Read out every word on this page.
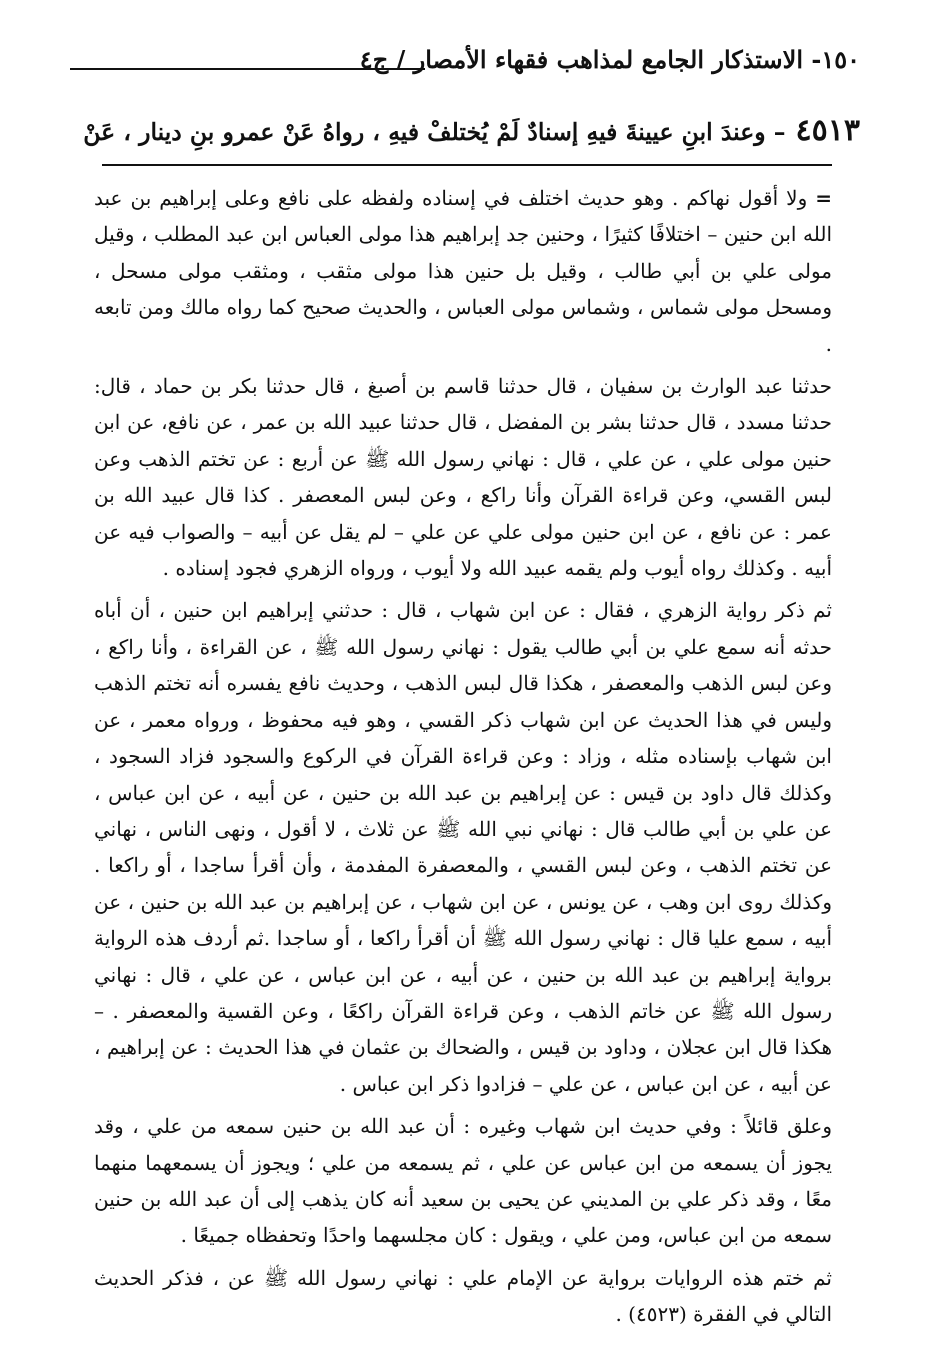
١٥٠- الاستذكار الجامع لمذاهب فقهاء الأمصار / ج٤
٤٥١٣– وعندَ ابنِ عيينةَ فيهِ إسنادٌ لَمْ يُختلفْ فيهِ ، رواهُ عَنْ عمرو بنِ دينار ، عَنْ

=ولا أقول نهاكم . وهو حديث اختلف في إسناده ولفظه على نافع وعلى إبراهيم بن عبد الله ابن حنين – اختلافًا كثيرًا ، وحنين جد إبراهيم هذا مولى العباس ابن عبد المطلب ، وقيل مولى علي بن أبي طالب ، وقيل بل حنين هذا مولى مثقب ، ومثقب مولى مسحل ، ومسحل مولى شماس ، وشماس مولى العباس ، والحديث صحيح كما رواه مالك ومن تابعه .

حدثنا عبد الوارث بن سفيان ، قال حدثنا قاسم بن أصبغ ، قال حدثنا بكر بن حماد ، قال: حدثنا مسدد ، قال حدثنا بشر بن المفضل ، قال حدثنا عبيد الله بن عمر ، عن نافع، عن ابن حنين مولى علي ، عن علي ، قال : نهاني رسول الله ﷺ عن أربع : عن تختم الذهب وعن لبس القسي، وعن قراءة القرآن وأنا راكع ، وعن لبس المعصفر . كذا قال عبيد الله بن عمر : عن نافع ، عن ابن حنين مولى علي عن علي – لم يقل عن أبيه – والصواب فيه عن أبيه . وكذلك رواه أيوب ولم يقمه عبيد الله ولا أيوب ، ورواه الزهري فجود إسناده .

ثم ذكر رواية الزهري ، فقال : عن ابن شهاب ، قال : حدثني إبراهيم ابن حنين ، أن أباه حدثه أنه سمع علي بن أبي طالب يقول : نهاني رسول الله ﷺ ، عن القراءة ، وأنا راكع ، وعن لبس الذهب والمعصفر ، هكذا قال لبس الذهب ، وحديث نافع يفسره أنه تختم الذهب وليس في هذا الحديث عن ابن شهاب ذكر القسي ، وهو فيه محفوظ ، ورواه معمر ، عن ابن شهاب بإسناده مثله ، وزاد : وعن قراءة القرآن في الركوع والسجود فزاد السجود ، وكذلك قال داود بن قيس : عن إبراهيم بن عبد الله بن حنين ، عن أبيه ، عن ابن عباس ، عن علي بن أبي طالب قال : نهاني نبي الله ﷺ عن ثلاث ، لا أقول ، ونهى الناس ، نهاني عن تختم الذهب ، وعن لبس القسي ، والمعصفرة المفدمة ، وأن أقرأ ساجدا ، أو راكعا . وكذلك روى ابن وهب ، عن يونس ، عن ابن شهاب ، عن إبراهيم بن عبد الله بن حنين ، عن أبيه ، سمع عليا قال : نهاني رسول الله ﷺ أن أقرأ راكعا ، أو ساجدا .ثم أردف هذه الرواية برواية إبراهيم بن عبد الله بن حنين ، عن أبيه ، عن ابن عباس ، عن علي ، قال : نهاني رسول الله ﷺ عن خاتم الذهب ، وعن قراءة القرآن راكعًا ، وعن القسية والمعصفر . – هكذا قال ابن عجلان ، وداود بن قيس ، والضحاك بن عثمان في هذا الحديث : عن إبراهيم ، عن أبيه ، عن ابن عباس ، عن علي – فزادوا ذكر ابن عباس .

وعلق قائلاً : وفي حديث ابن شهاب وغيره : أن عبد الله بن حنين سمعه من علي ، وقد يجوز أن يسمعه من ابن عباس عن علي ، ثم يسمعه من علي ؛ ويجوز أن يسمعهما منهما معًا ، وقد ذكر علي بن المديني عن يحيى بن سعيد أنه كان يذهب إلى أن عبد الله بن حنين سمعه من ابن عباس، ومن علي ، ويقول : كان مجلسهما واحدًا وتحفظاه جميعًا .

ثم ختم هذه الروايات برواية عن الإمام علي : نهاني رسول الله ﷺ عن ، فذكر الحديث التالي في الفقرة (٤٥٢٣) .
